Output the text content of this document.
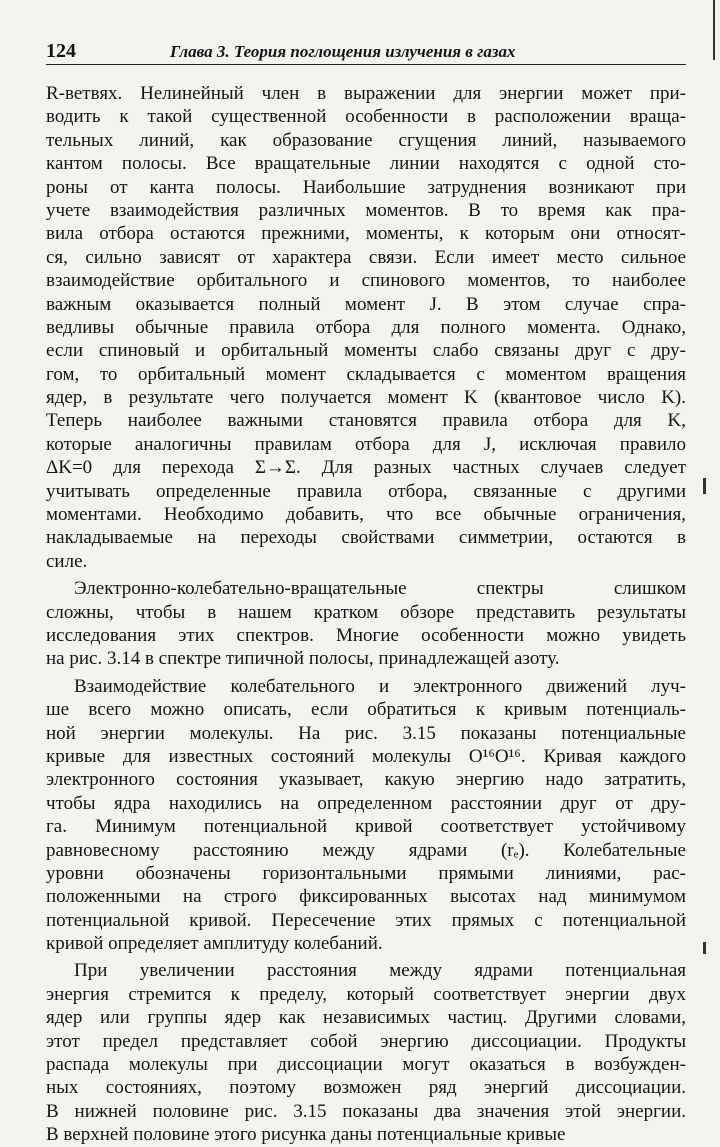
124	Глава 3. Теория поглощения излучения в газах
R-ветвях. Нелинейный член в выражении для энергии может при-
водить к такой существенной особенности в расположении враща-
тельных линий, как образование сгущения линий, называемого
кантом полосы. Все вращательные линии находятся с одной сто-
роны от канта полосы. Наибольшие затруднения возникают при
учете взаимодействия различных моментов. В то время как пра-
вила отбора остаются прежними, моменты, к которым они относят-
ся, сильно зависят от характера связи. Если имеет место сильное
взаимодействие орбитального и спинового моментов, то наиболее
важным оказывается полный момент J. В этом случае спра-
ведливы обычные правила отбора для полного момента. Однако,
если спиновый и орбитальный моменты слабо связаны друг с дру-
гом, то орбитальный момент складывается с моментом вращения
ядер, в результате чего получается момент K (квантовое число K).
Теперь наиболее важными становятся правила отбора для K,
которые аналогичны правилам отбора для J, исключая правило
ΔK=0 для перехода Σ→Σ. Для разных частных случаев следует
учитывать определенные правила отбора, связанные с другими
моментами. Необходимо добавить, что все обычные ограничения,
накладываемые на переходы свойствами симметрии, остаются в
силе.
Электронно-колебательно-вращательные спектры слишком
сложны, чтобы в нашем кратком обзоре представить результаты
исследования этих спектров. Многие особенности можно увидеть
на рис. 3.14 в спектре типичной полосы, принадлежащей азоту.
Взаимодействие колебательного и электронного движений луч-
ше всего можно описать, если обратиться к кривым потенциаль-
ной энергии молекулы. На рис. 3.15 показаны потенциальные
кривые для известных состояний молекулы O¹⁶O¹⁶. Кривая каждого
электронного состояния указывает, какую энергию надо затратить,
чтобы ядра находились на определенном расстоянии друг от дру-
га. Минимум потенциальной кривой соответствует устойчивому
равновесному расстоянию между ядрами (rₑ). Колебательные
уровни обозначены горизонтальными прямыми линиями, рас-
положенными на строго фиксированных высотах над минимумом
потенциальной кривой. Пересечение этих прямых с потенциальной
кривой определяет амплитуду колебаний.
При увеличении расстояния между ядрами потенциальная
энергия стремится к пределу, который соответствует энергии двух
ядер или группы ядер как независимых частиц. Другими словами,
этот предел представляет собой энергию диссоциации. Продукты
распада молекулы при диссоциации могут оказаться в возбужден-
ных состояниях, поэтому возможен ряд энергий диссоциации.
В нижней половине рис. 3.15 показаны два значения этой энергии.
В верхней половине этого рисунка даны потенциальные кривые
